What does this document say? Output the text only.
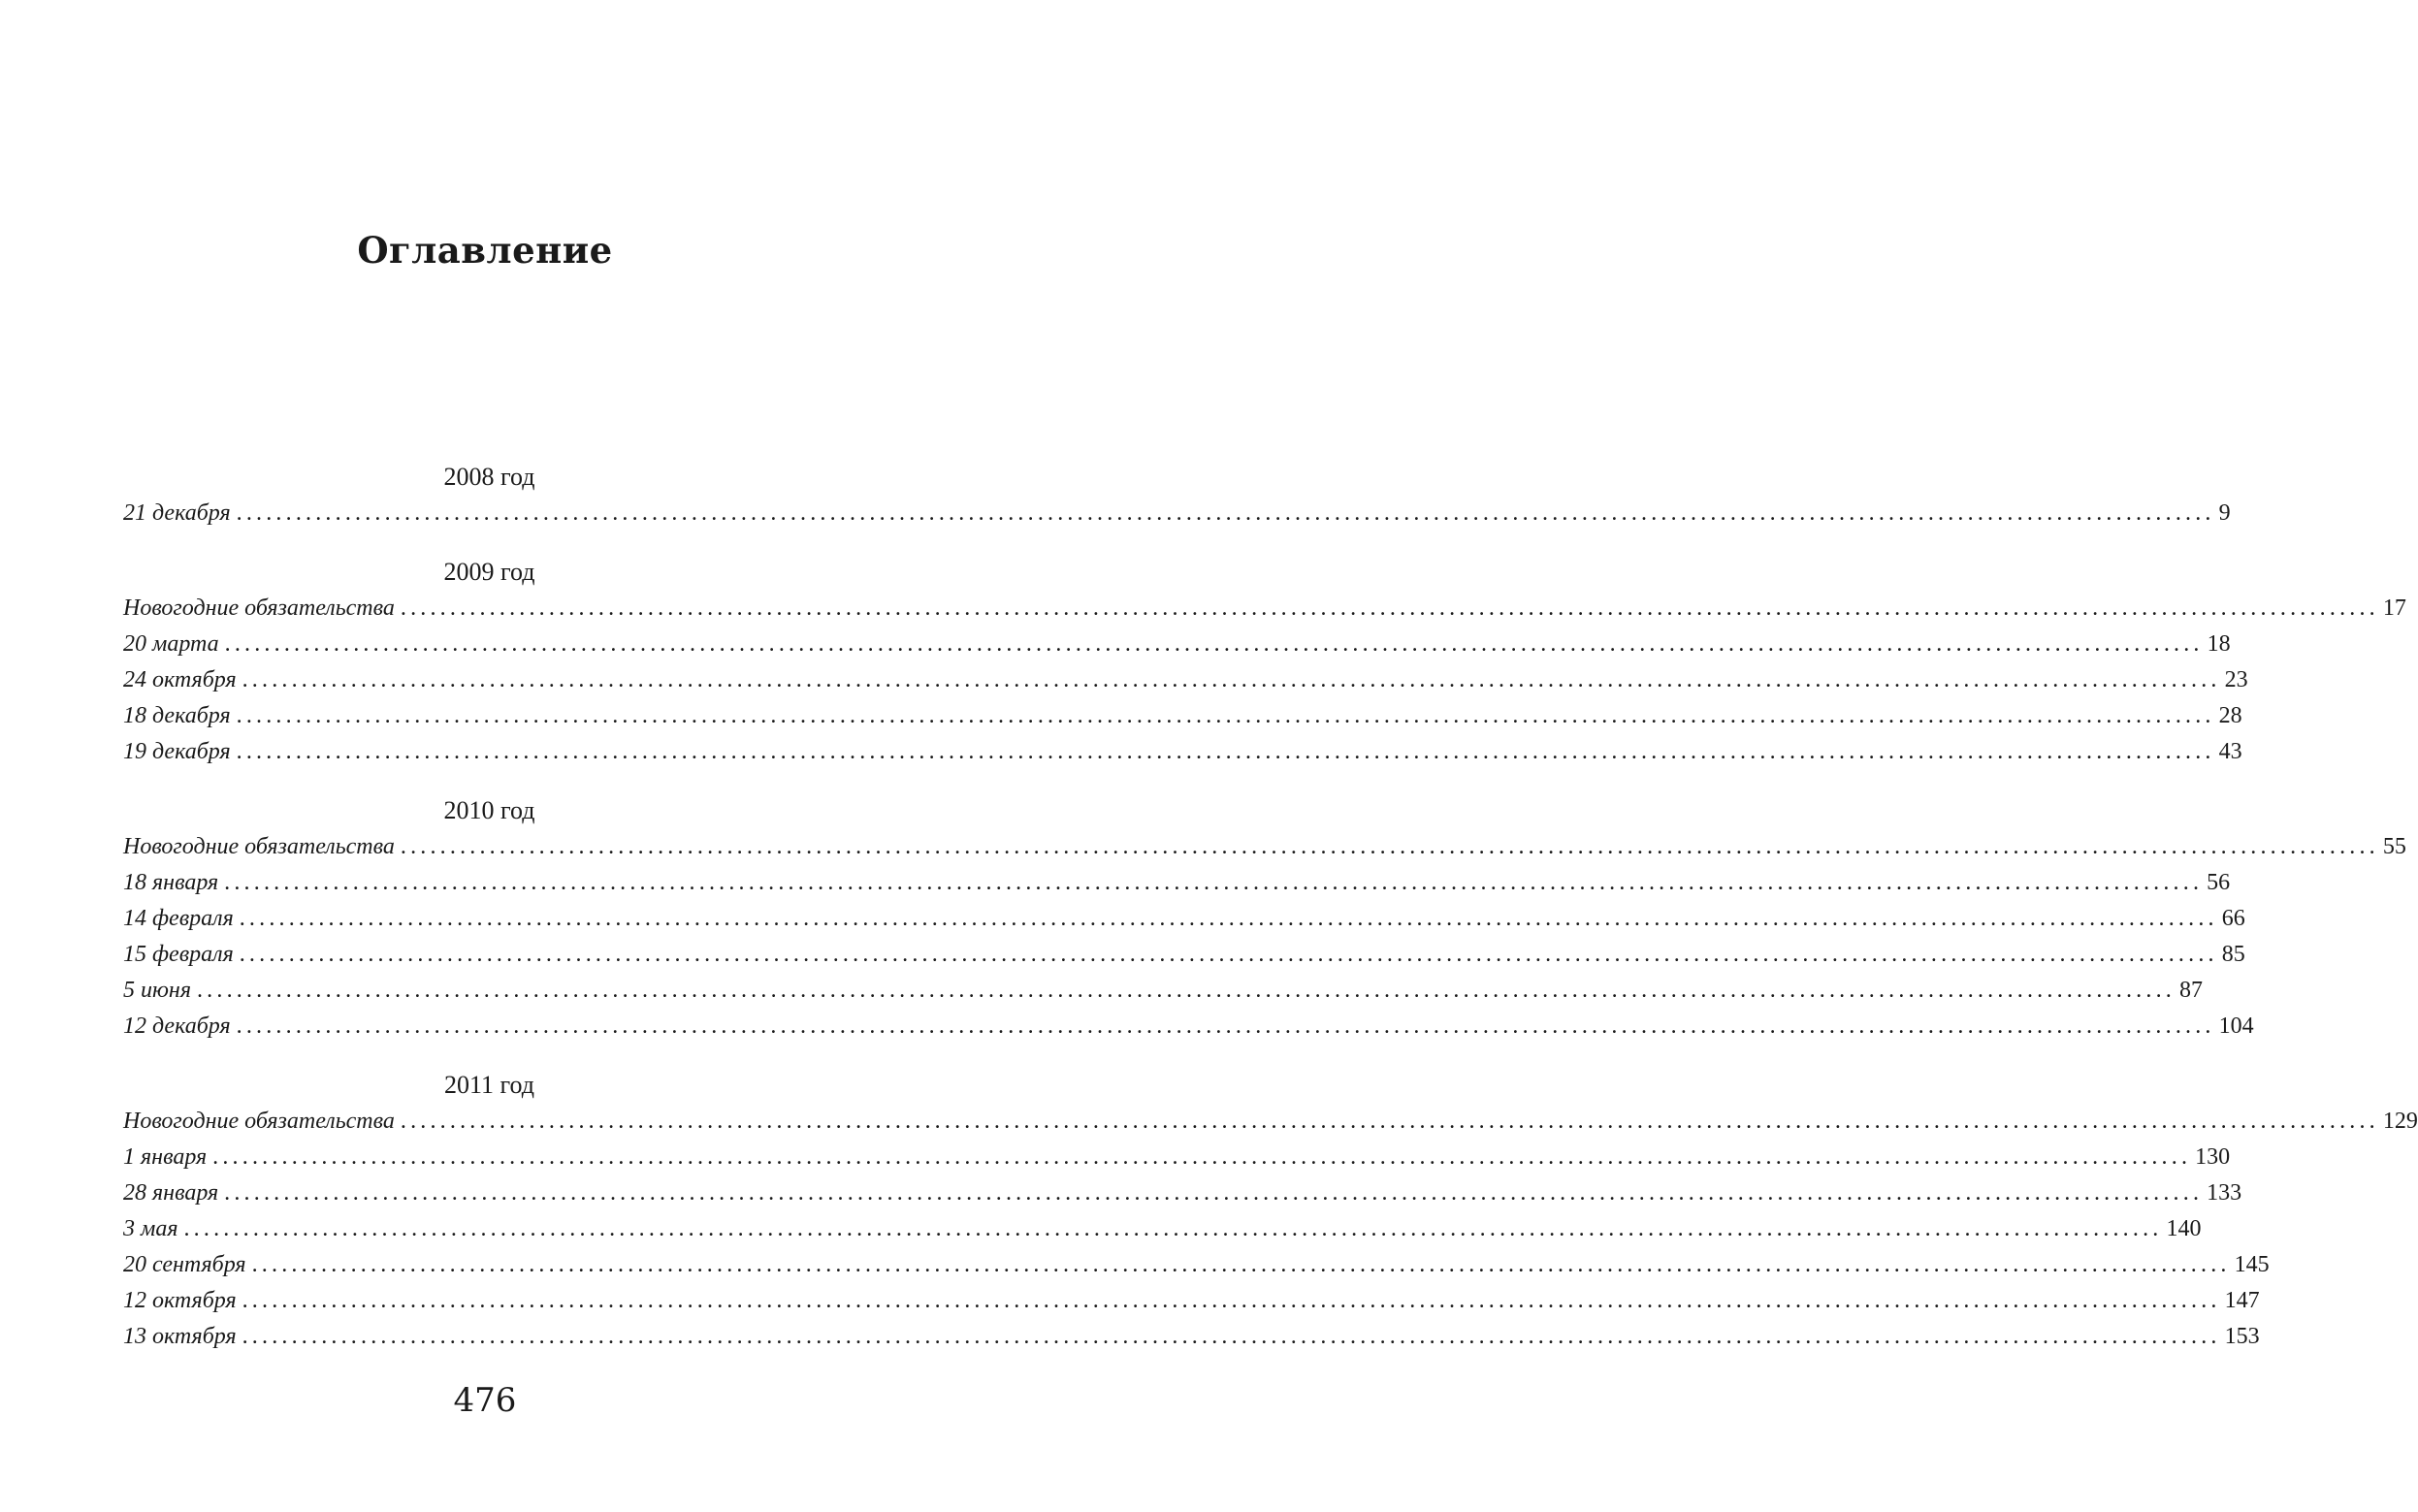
Оглавление
2008 год
21 декабря ........................................................................................................................................................................................................ 9
2009 год
Новогодние обязательства ........................................................................................................................................................................................................ 17
20 марта ........................................................................................................................................................................................................ 18
24 октября ........................................................................................................................................................................................................ 23
18 декабря ........................................................................................................................................................................................................ 28
19 декабря ........................................................................................................................................................................................................ 43
2010 год
Новогодние обязательства ........................................................................................................................................................................................................ 55
18 января ........................................................................................................................................................................................................ 56
14 февраля ........................................................................................................................................................................................................ 66
15 февраля ........................................................................................................................................................................................................ 85
5 июня ........................................................................................................................................................................................................ 87
12 декабря ........................................................................................................................................................................................................ 104
2011 год
Новогодние обязательства ........................................................................................................................................................................................................ 129
1 января ........................................................................................................................................................................................................ 130
28 января ........................................................................................................................................................................................................ 133
3 мая ........................................................................................................................................................................................................ 140
20 сентября ........................................................................................................................................................................................................ 145
12 октября ........................................................................................................................................................................................................ 147
13 октября ........................................................................................................................................................................................................ 153
476
